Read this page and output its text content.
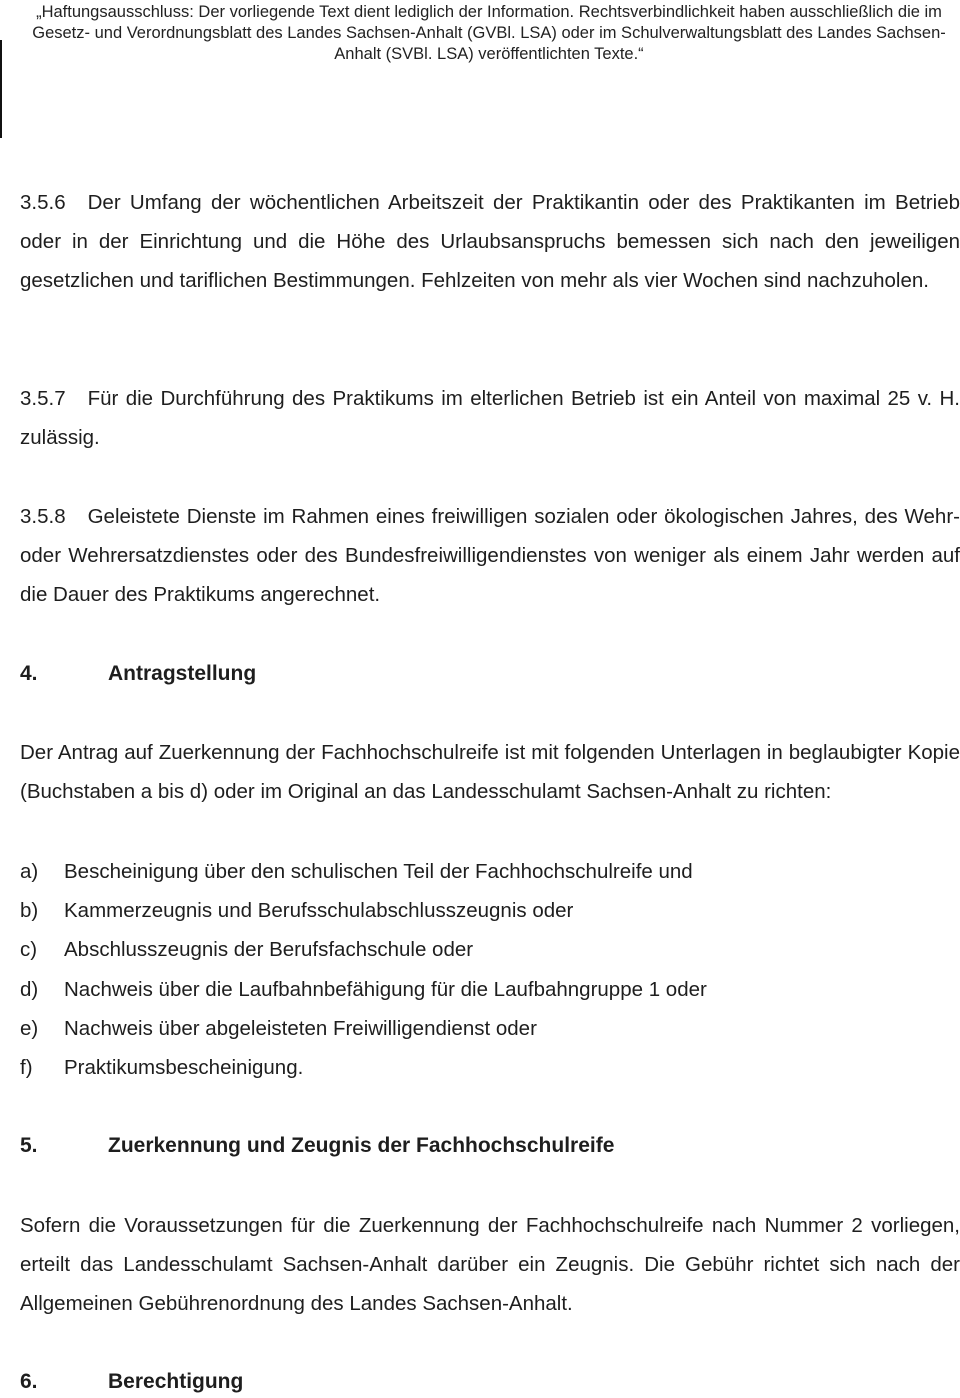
„Haftungsausschluss: Der vorliegende Text dient lediglich der Information. Rechtsverbindlichkeit haben ausschließlich die im
Gesetz- und Verordnungsblatt des Landes Sachsen-Anhalt (GVBl. LSA) oder im Schulverwaltungsblatt des Landes Sachsen-
Anhalt (SVBl. LSA) veröffentlichten Texte.“

3.5.6 Der Umfang der wöchentlichen Arbeitszeit der Praktikantin oder des Praktikanten im Betrieb oder in der Einrichtung und die Höhe des Urlaubsanspruchs bemessen sich nach den jeweiligen gesetzlichen und tariflichen Bestimmungen. Fehlzeiten von mehr als vier Wochen sind nachzuholen.

3.5.7 Für die Durchführung des Praktikums im elterlichen Betrieb ist ein Anteil von maximal 25 v. H. zulässig.

3.5.8 Geleistete Dienste im Rahmen eines freiwilligen sozialen oder ökologischen Jahres, des Wehr- oder Wehrersatzdienstes oder des Bundesfreiwilligendienstes von weniger als einem Jahr werden auf die Dauer des Praktikums angerechnet.

4.	Antragstellung

Der Antrag auf Zuerkennung der Fachhochschulreife ist mit folgenden Unterlagen in beglaubigter Kopie (Buchstaben a bis d) oder im Original an das Landesschulamt Sachsen-Anhalt zu richten:

a) Bescheinigung über den schulischen Teil der Fachhochschulreife und
b) Kammerzeugnis und Berufsschulabschlusszeugnis oder
c) Abschlusszeugnis der Berufsfachschule oder
d) Nachweis über die Laufbahnbefähigung für die Laufbahngruppe 1 oder
e) Nachweis über abgeleisteten Freiwilligendienst oder
f) Praktikumsbescheinigung.
5.	Zuerkennung und Zeugnis der Fachhochschulreife

Sofern die Voraussetzungen für die Zuerkennung der Fachhochschulreife nach Nummer 2 vorliegen, erteilt das Landesschulamt Sachsen-Anhalt darüber ein Zeugnis. Die Gebühr richtet sich nach der Allgemeinen Gebührenordnung des Landes Sachsen-Anhalt.

6.	Berechtigung
